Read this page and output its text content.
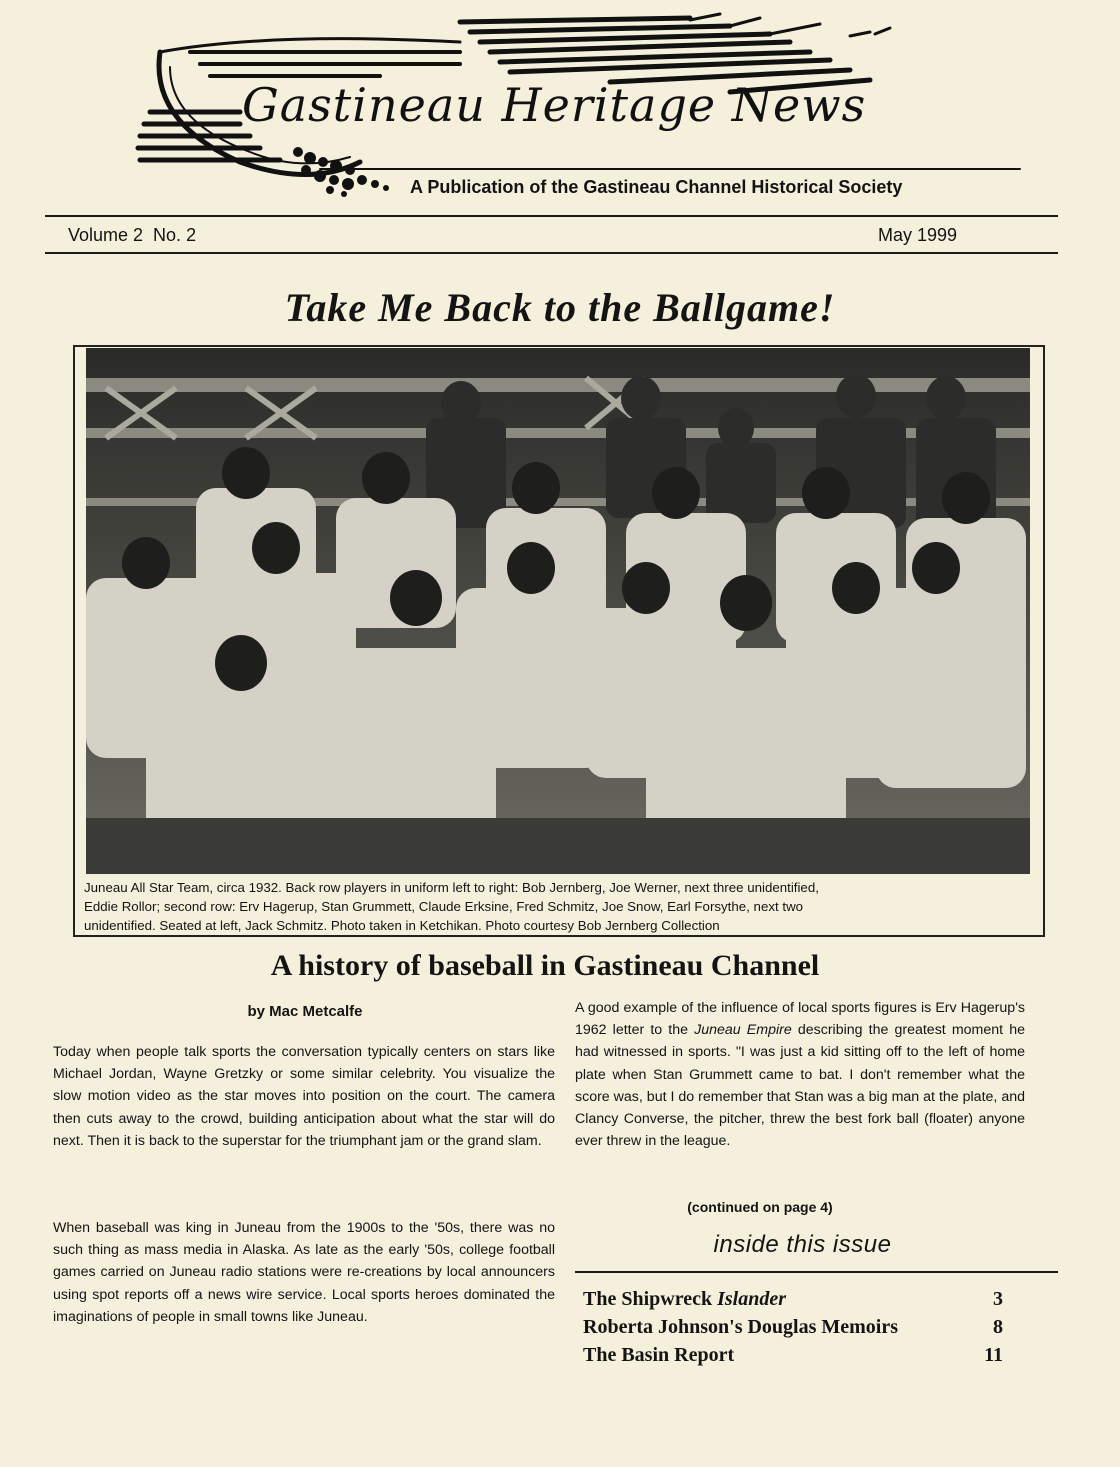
Gastineau Heritage News
A Publication of the Gastineau Channel Historical Society
Volume 2  No. 2	May 1999
Take Me Back to the Ballgame!
Juneau All Star Team, circa 1932. Back row players in uniform left to right: Bob Jernberg, Joe Werner, next three unidentified,
Eddie Rollor; second row: Erv Hagerup, Stan Grummett, Claude Erksine, Fred Schmitz, Joe Snow, Earl Forsythe, next two
unidentified. Seated at left, Jack Schmitz. Photo taken in Ketchikan. Photo courtesy Bob Jernberg Collection
A history of baseball in Gastineau Channel
by Mac Metcalfe
Today when people talk sports the conversation typically centers on stars like Michael Jordan, Wayne Gretzky or some similar celebrity. You visualize the slow motion video as the star moves into position on the court. The camera then cuts away to the crowd, building anticipation about what the star will do next. Then it is back to the superstar for the triumphant jam or the grand slam.
When baseball was king in Juneau from the 1900s to the '50s, there was no such thing as mass media in Alaska. As late as the early '50s, college football games carried on Juneau radio stations were re-creations by local announcers using spot reports off a news wire service. Local sports heroes dominated the imaginations of people in small towns like Juneau.
A good example of the influence of local sports figures is Erv Hagerup's 1962 letter to the Juneau Empire describing the greatest moment he had witnessed in sports. "I was just a kid sitting off to the left of home plate when Stan Grummett came to bat. I don't remember what the score was, but I do remember that Stan was a big man at the plate, and Clancy Converse, the pitcher, threw the best fork ball (floater) anyone ever threw in the league.
(continued on page 4)
inside this issue
The Shipwreck Islander	3
Roberta Johnson's Douglas Memoirs	8
The Basin Report	11
